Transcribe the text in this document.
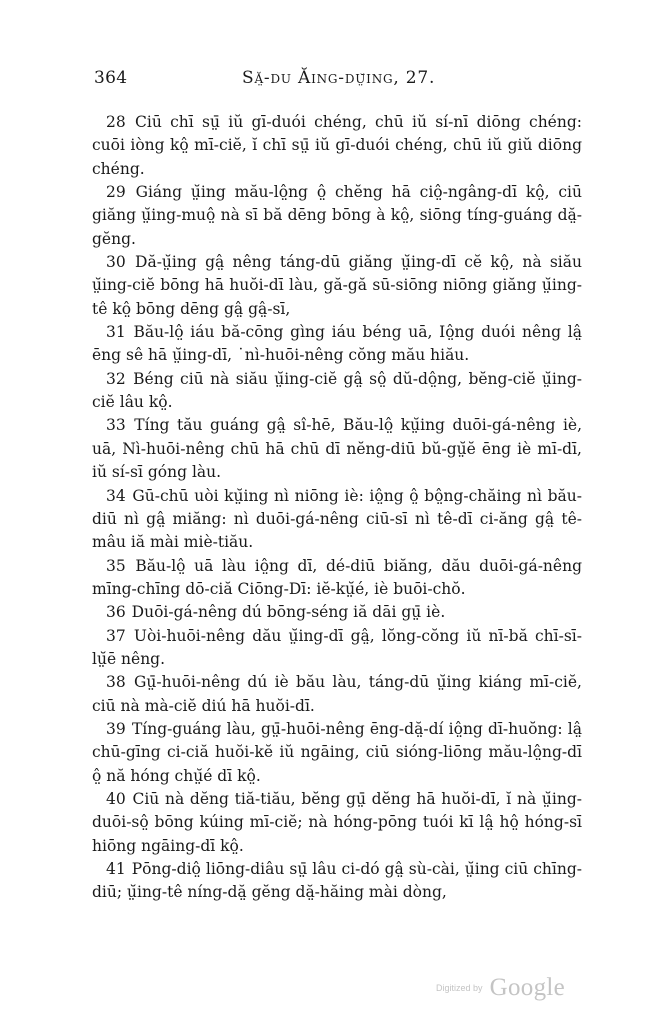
364	Să̤-du Ăing-dṳ̆ing, 27.

28 Ciū chī sṳ̄ iŭ gī-duói chéng, chū iŭ sí-nī diōng chéng: cuōi iòng kô̤ mī-ciĕ, ĭ chī sṳ̄ iŭ gī-duói chéng, chū iŭ giŭ diōng chéng.

29 Giáng ṳ̆ing mău-lô̤ng ô̤ chĕng hā ciô̤-ngâng-dī kô̤, ciū giăng ṳ̆ing-muô̤ nà sī bă dēng bōng à kô̤, siōng tíng-guáng dă̤-gĕng.

30 Dă-ṳ̆ing gâ̤ nêng táng-dū giăng ṳ̆ing-dī cĕ kô̤, nà siău ṳ̆ing-ciĕ bōng hā huŏi-dī làu, gă-gă sū-siōng niōng giăng ṳ̆ing-tê kô̤ bōng dēng gâ̤ gâ̤-sī,

31 Bău-lô̤ iáu bă-cōng gìng iáu béng uā, Iô̤ng duói nêng lâ̤ ēng sê hā ṳ̆ing-dī, ˙nì-huōi-nêng cŏng mău hiău.

32 Béng ciū nà siău ṳ̆ing-ciĕ gâ̤ sô̤ dŭ-dô̤ng, bĕng-ciĕ ṳ̆ing-ciĕ lâu kô̤.

33 Tíng tău guáng gâ̤ sî-hē, Bău-lô̤ kṳ̆ing duōi-gá-nêng iè, uā, Nì-huōi-nêng chū hā chū dī nĕng-diū bŭ-gṳ̆ĕ ēng iè mī-dī, iŭ sí-sī góng làu.

34 Gū-chū uòi kṳ̆ing nì niōng iè: iô̤ng ô̤ bô̤ng-chăing nì bău-diū nì gâ̤ miăng: nì duōi-gá-nêng ciū-sī nì tê-dī ci-ăng gâ̤ tê-mâu iă mài miè-tiău.

35 Bău-lô̤ uā làu iô̤ng dī, dé-diū biăng, dău duōi-gá-nêng mīng-chīng dō-ciă Ciōng-Dī: iĕ-kṳ̆é, iè buōi-chŏ.

36 Duōi-gá-nêng dú bōng-séng iă dāi gṳ̄ iè.

37 Uòi-huōi-nêng dău ṳ̆ing-dī gâ̤, lŏng-cŏng iŭ nī-bă chī-sī-lṳ̆ē nêng.

38 Gṳ̄-huōi-nêng dú iè bău làu, táng-dū ṳ̆ing kiáng mī-ciĕ, ciū nà mà-ciĕ diú hā huŏi-dī.

39 Tíng-guáng làu, gṳ̄-huōi-nêng ēng-dă̤-dí iô̤ng dī-huŏng: lâ̤ chū-gīng ci-ciă huŏi-kĕ iŭ ngāing, ciū sióng-liōng mău-lô̤ng-dī ô̤ nă hóng chṳ̆é dī kô̤.

40 Ciū nà dĕng tiă-tiău, bĕng gṳ̄ dĕng hā huŏi-dī, ĭ nà ṳ̆ing-duōi-sô̤ bōng kúing mī-ciĕ; nà hóng-pōng tuói kī lâ̤ hô̤ hóng-sī hiōng ngāing-dī kô̤.

41 Pōng-diô̤ liōng-diâu sṳ̄ lâu ci-dó gâ̤ sù-cài, ṳ̆ing ciū chīng-diū; ṳ̆ing-tê níng-dă̤ gĕng dă̤-hăing mài dòng,

Digitized by Google
